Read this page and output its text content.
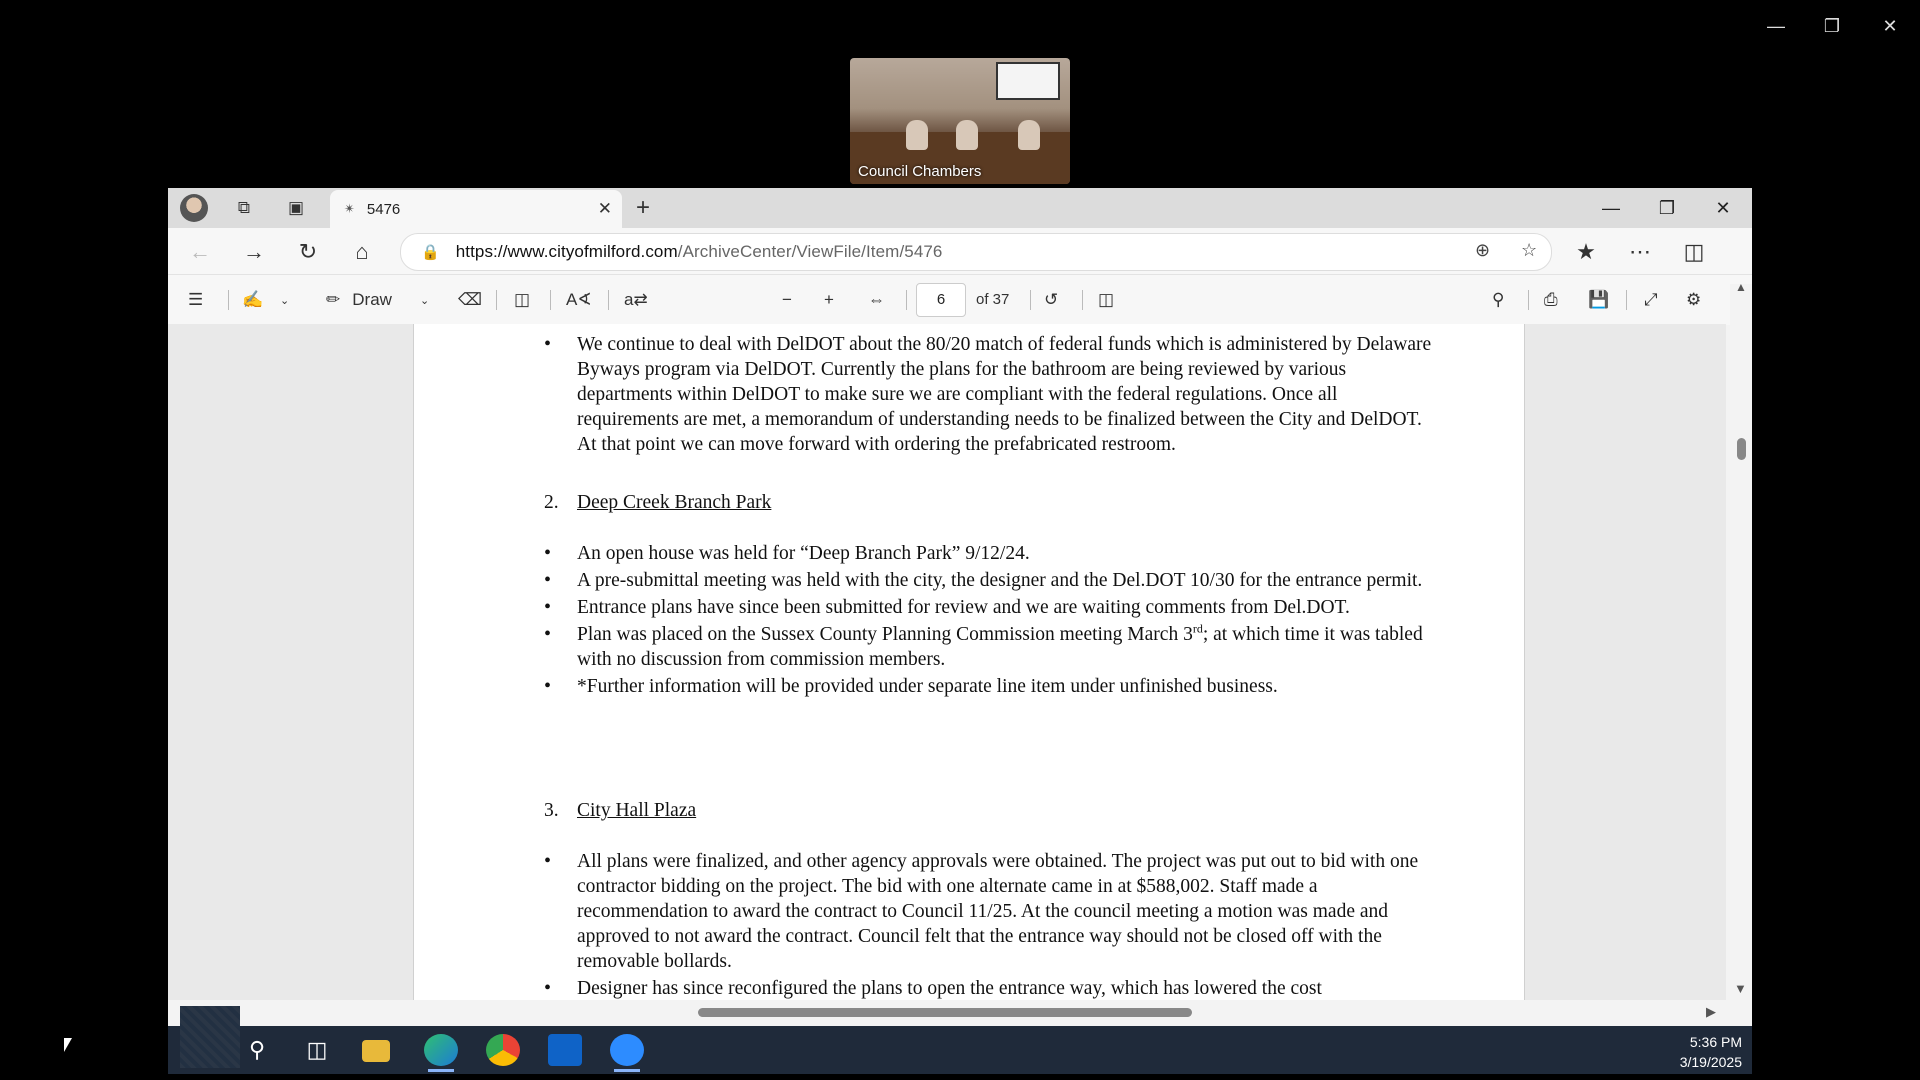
—	❐	✕
Council Chambers
⧉	▣	✴ 5476	✕ +	—	❐	✕
← → ↻	⌂	🔒 https://www.cityofmilford.com/ArchiveCenter/ViewFile/Item/5476	⊕ ☆ ★ ⋯ ◫
☰ ✍ ⌄ ✏ Draw	⌄ ⌫ ◫ A∢ a⇄	− + ⇔	6	of 37 ↺ ◫	⚲ ⎙ 💾 ⤢ ⚙
• We continue to deal with DelDOT about the 80/20 match of federal funds which is administered by Delaware Byways program via DelDOT. Currently the plans for the bathroom are being reviewed by various departments within DelDOT to make sure we are compliant with the federal regulations. Once all requirements are met, a memorandum of understanding needs to be finalized between the City and DelDOT. At that point we can move forward with ordering the prefabricated restroom.
2. Deep Creek Branch Park
• An open house was held for “Deep Branch Park” 9/12/24.
• A pre-submittal meeting was held with the city, the designer and the Del.DOT 10/30 for the entrance permit.
• Entrance plans have since been submitted for review and we are waiting comments from Del.DOT.
• Plan was placed on the Sussex County Planning Commission meeting March 3rd; at which time it was tabled with no discussion from commission members.
• *Further information will be provided under separate line item under unfinished business.
3. City Hall Plaza
• All plans were finalized, and other agency approvals were obtained. The project was put out to bid with one contractor bidding on the project. The bid with one alternate came in at $588,002. Staff made a recommendation to award the contract to Council 11/25. At the council meeting a motion was made and approved to not award the contract. Council felt that the entrance way should not be closed off with the removable bollards.
• Designer has since reconfigured the plans to open the entrance way, which has lowered the cost
▲
▼
▶
⚲	◫	5:36 PM
3/19/2025
